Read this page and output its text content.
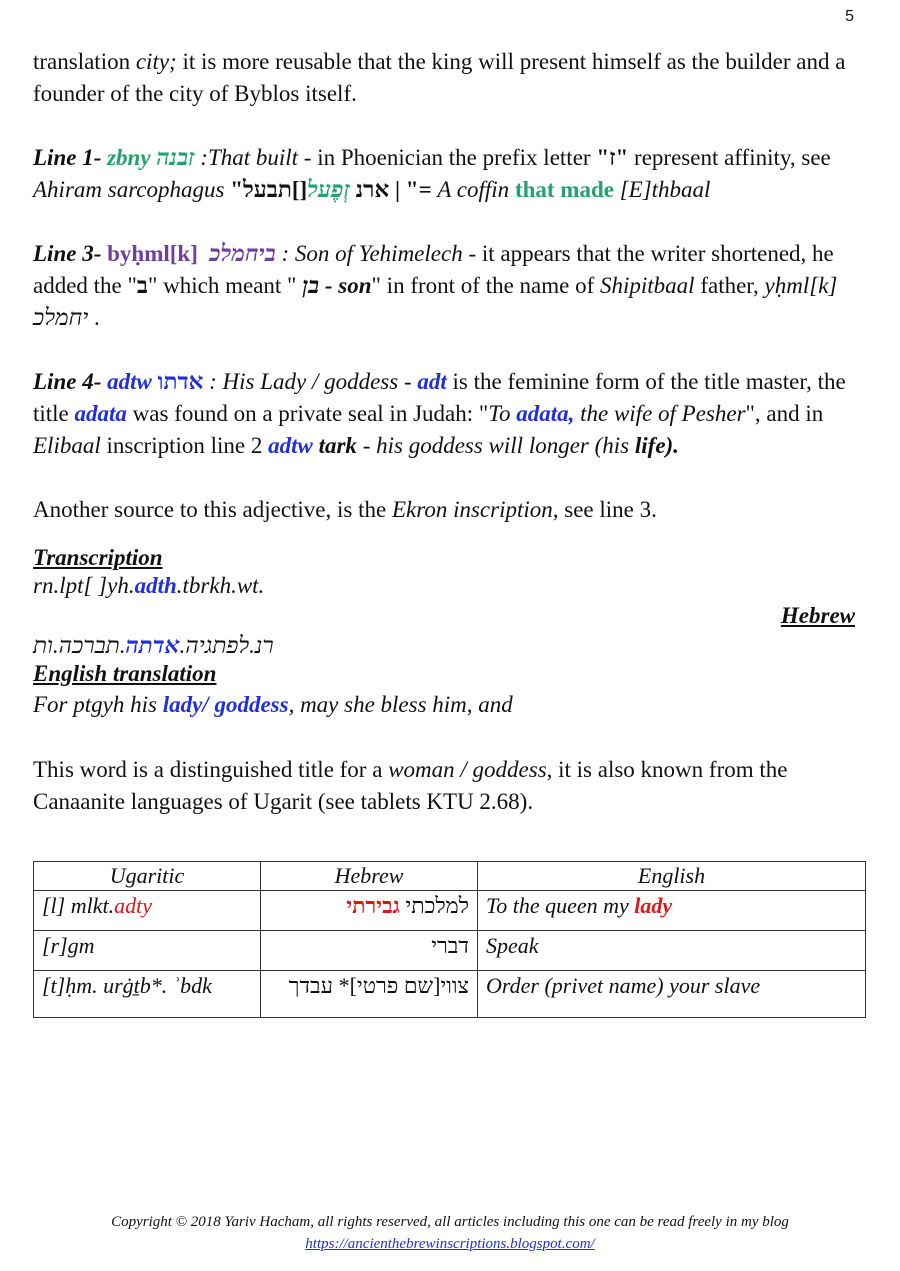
5

translation city; it is more reusable that the king will present himself as the builder and a founder of the city of Byblos itself.

Line 1- zbny זבנה :That built - in Phoenician the prefix letter "ז" represent affinity, see Ahiram sarcophagus "	| ארנ זְפֶעל[]תבעל	"= A coffin that made [E]thbaal

Line 3- byḥml[k] ביחמלכ : Son of Yehimelech - it appears that the writer shortened, he added the "ב" which meant " בן - son" in front of the name of Shipitbaal father, yḥml[k]  יחמלכ .

Line 4- adtw אדתו : His Lady / goddess - adt is the feminine form of the title master, the title adata was found on a private seal in Judah: "To adata, the wife of Pesher", and in Elibaal inscription line 2 adtw tark - his goddess will longer (his life).

Another source to this adjective, is the Ekron inscription, see line 3.

Transcription

rn.lpt[ ]yh.adth.tbrkh.wt.

Hebrew

רנ.לפתגיה.אדתה.תברכה.ות

English translation

For ptgyh his lady/ goddess, may she bless him, and

This word is a distinguished title for a woman / goddess, it is also known from the Canaanite languages of Ugarit (see tablets KTU 2.68).

Ugaritic	Hebrew	English
[l] mlkt.adty	למלכתי גבירתי	To the queen my lady
[r]gm	דברי	Speak
[t]ḥm. urġṯb*. ʾbdk	צווי[שם פרטי]* עבדך	Order (privet name) your slave
Copyright © 2018 Yariv Hacham, all rights reserved, all articles including this one can be read freely in my blog
https://ancienthebrewinscriptions.blogspot.com/
